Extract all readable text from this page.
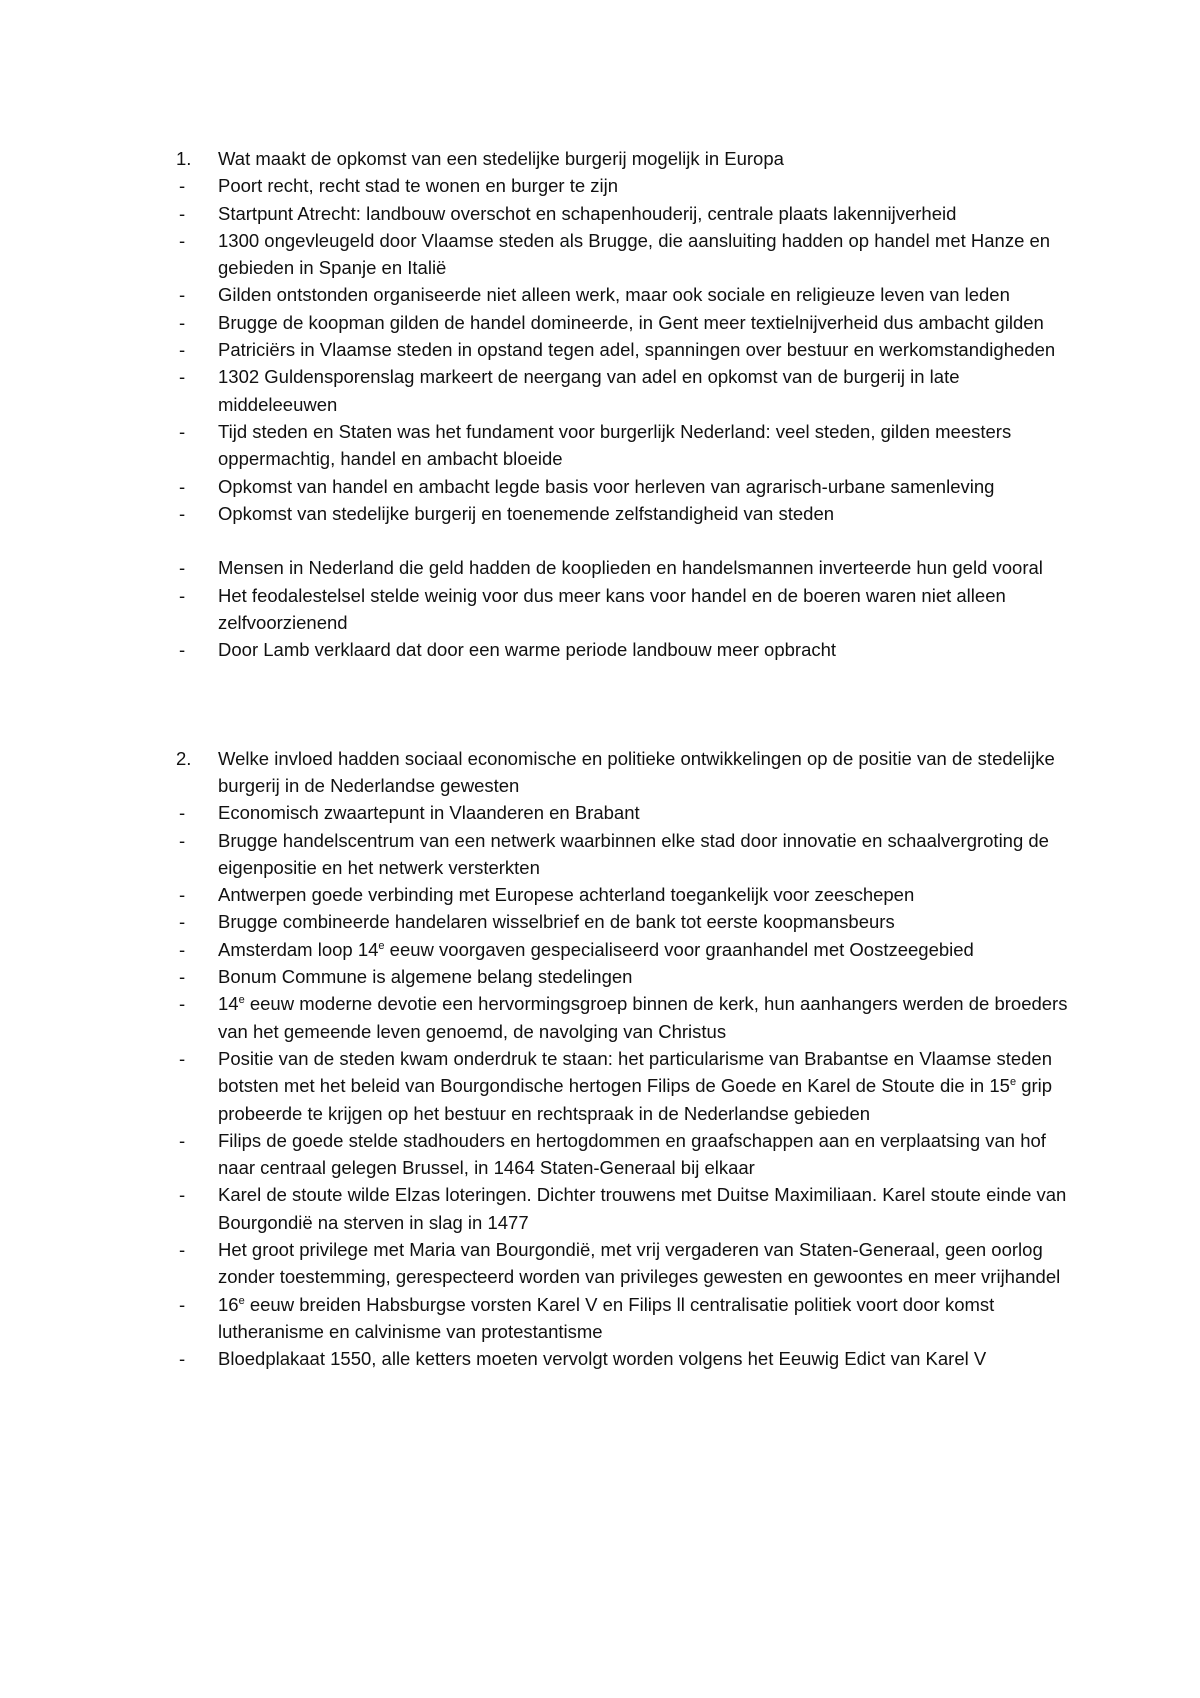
1. Wat maakt de opkomst van een stedelijke burgerij mogelijk in Europa
- Poort recht, recht stad te wonen en burger te zijn
- Startpunt Atrecht: landbouw overschot en schapenhouderij, centrale plaats lakennijverheid
- 1300 ongevleugeld door Vlaamse steden als Brugge, die aansluiting hadden op handel met Hanze en gebieden in Spanje en Italië
- Gilden ontstonden organiseerde niet alleen werk, maar ook sociale en religieuze leven van leden
- Brugge de koopman gilden de handel domineerde, in Gent meer textielnijverheid dus ambacht gilden
- Patriciërs in Vlaamse steden in opstand tegen adel, spanningen over bestuur en werkomstandigheden
- 1302 Guldensporenslag markeert de neergang van adel en opkomst van de burgerij in late middeleeuwen
- Tijd steden en Staten was het fundament voor burgerlijk Nederland: veel steden, gilden meesters oppermachtig, handel en ambacht bloeide
- Opkomst van handel en ambacht legde basis voor herleven van agrarisch-urbane samenleving
- Opkomst van stedelijke burgerij en toenemende zelfstandigheid van steden
- Mensen in Nederland die geld hadden de kooplieden en handelsmannen inverteerde hun geld vooral
- Het feodalestelsel stelde weinig voor dus meer kans voor handel en de boeren waren niet alleen zelfvoorzienend
- Door Lamb verklaard dat door een warme periode landbouw meer opbracht
2. Welke invloed hadden sociaal economische en politieke ontwikkelingen op de positie van de stedelijke burgerij in de Nederlandse gewesten
- Economisch zwaartepunt in Vlaanderen en Brabant
- Brugge handelscentrum van een netwerk waarbinnen elke stad door innovatie en schaalvergroting de eigenpositie en het netwerk versterkten
- Antwerpen goede verbinding met Europese achterland toegankelijk voor zeeschepen
- Brugge combineerde handelaren wisselbrief en de bank tot eerste koopmansbeurs
- Amsterdam loop 14e eeuw voorgaven gespecialiseerd voor graanhandel met Oostzeegebied
- Bonum Commune is algemene belang stedelingen
- 14e eeuw moderne devotie een hervormingsgroep binnen de kerk, hun aanhangers werden de broeders van het gemeende leven genoemd, de navolging van Christus
- Positie van de steden kwam onderdruk te staan: het particularisme van Brabantse en Vlaamse steden botsten met het beleid van Bourgondische hertogen Filips de Goede en Karel de Stoute die in 15e grip probeerde te krijgen op het bestuur en rechtspraak in de Nederlandse gebieden
- Filips de goede stelde stadhouders en hertogdommen en graafschappen aan en verplaatsing van hof naar centraal gelegen Brussel, in 1464 Staten-Generaal bij elkaar
- Karel de stoute wilde Elzas loteringen. Dichter trouwens met Duitse Maximiliaan. Karel stoute einde van Bourgondië na sterven in slag in 1477
- Het groot privilege met Maria van Bourgondië, met vrij vergaderen van Staten-Generaal, geen oorlog zonder toestemming, gerespecteerd worden van privileges gewesten en gewoontes en meer vrijhandel
- 16e eeuw breiden Habsburgse vorsten Karel V en Filips ll centralisatie politiek voort door komst lutheranisme en calvinisme van protestantisme
- Bloedplakaat 1550, alle ketters moeten vervolgt worden volgens het Eeuwig Edict van Karel V
